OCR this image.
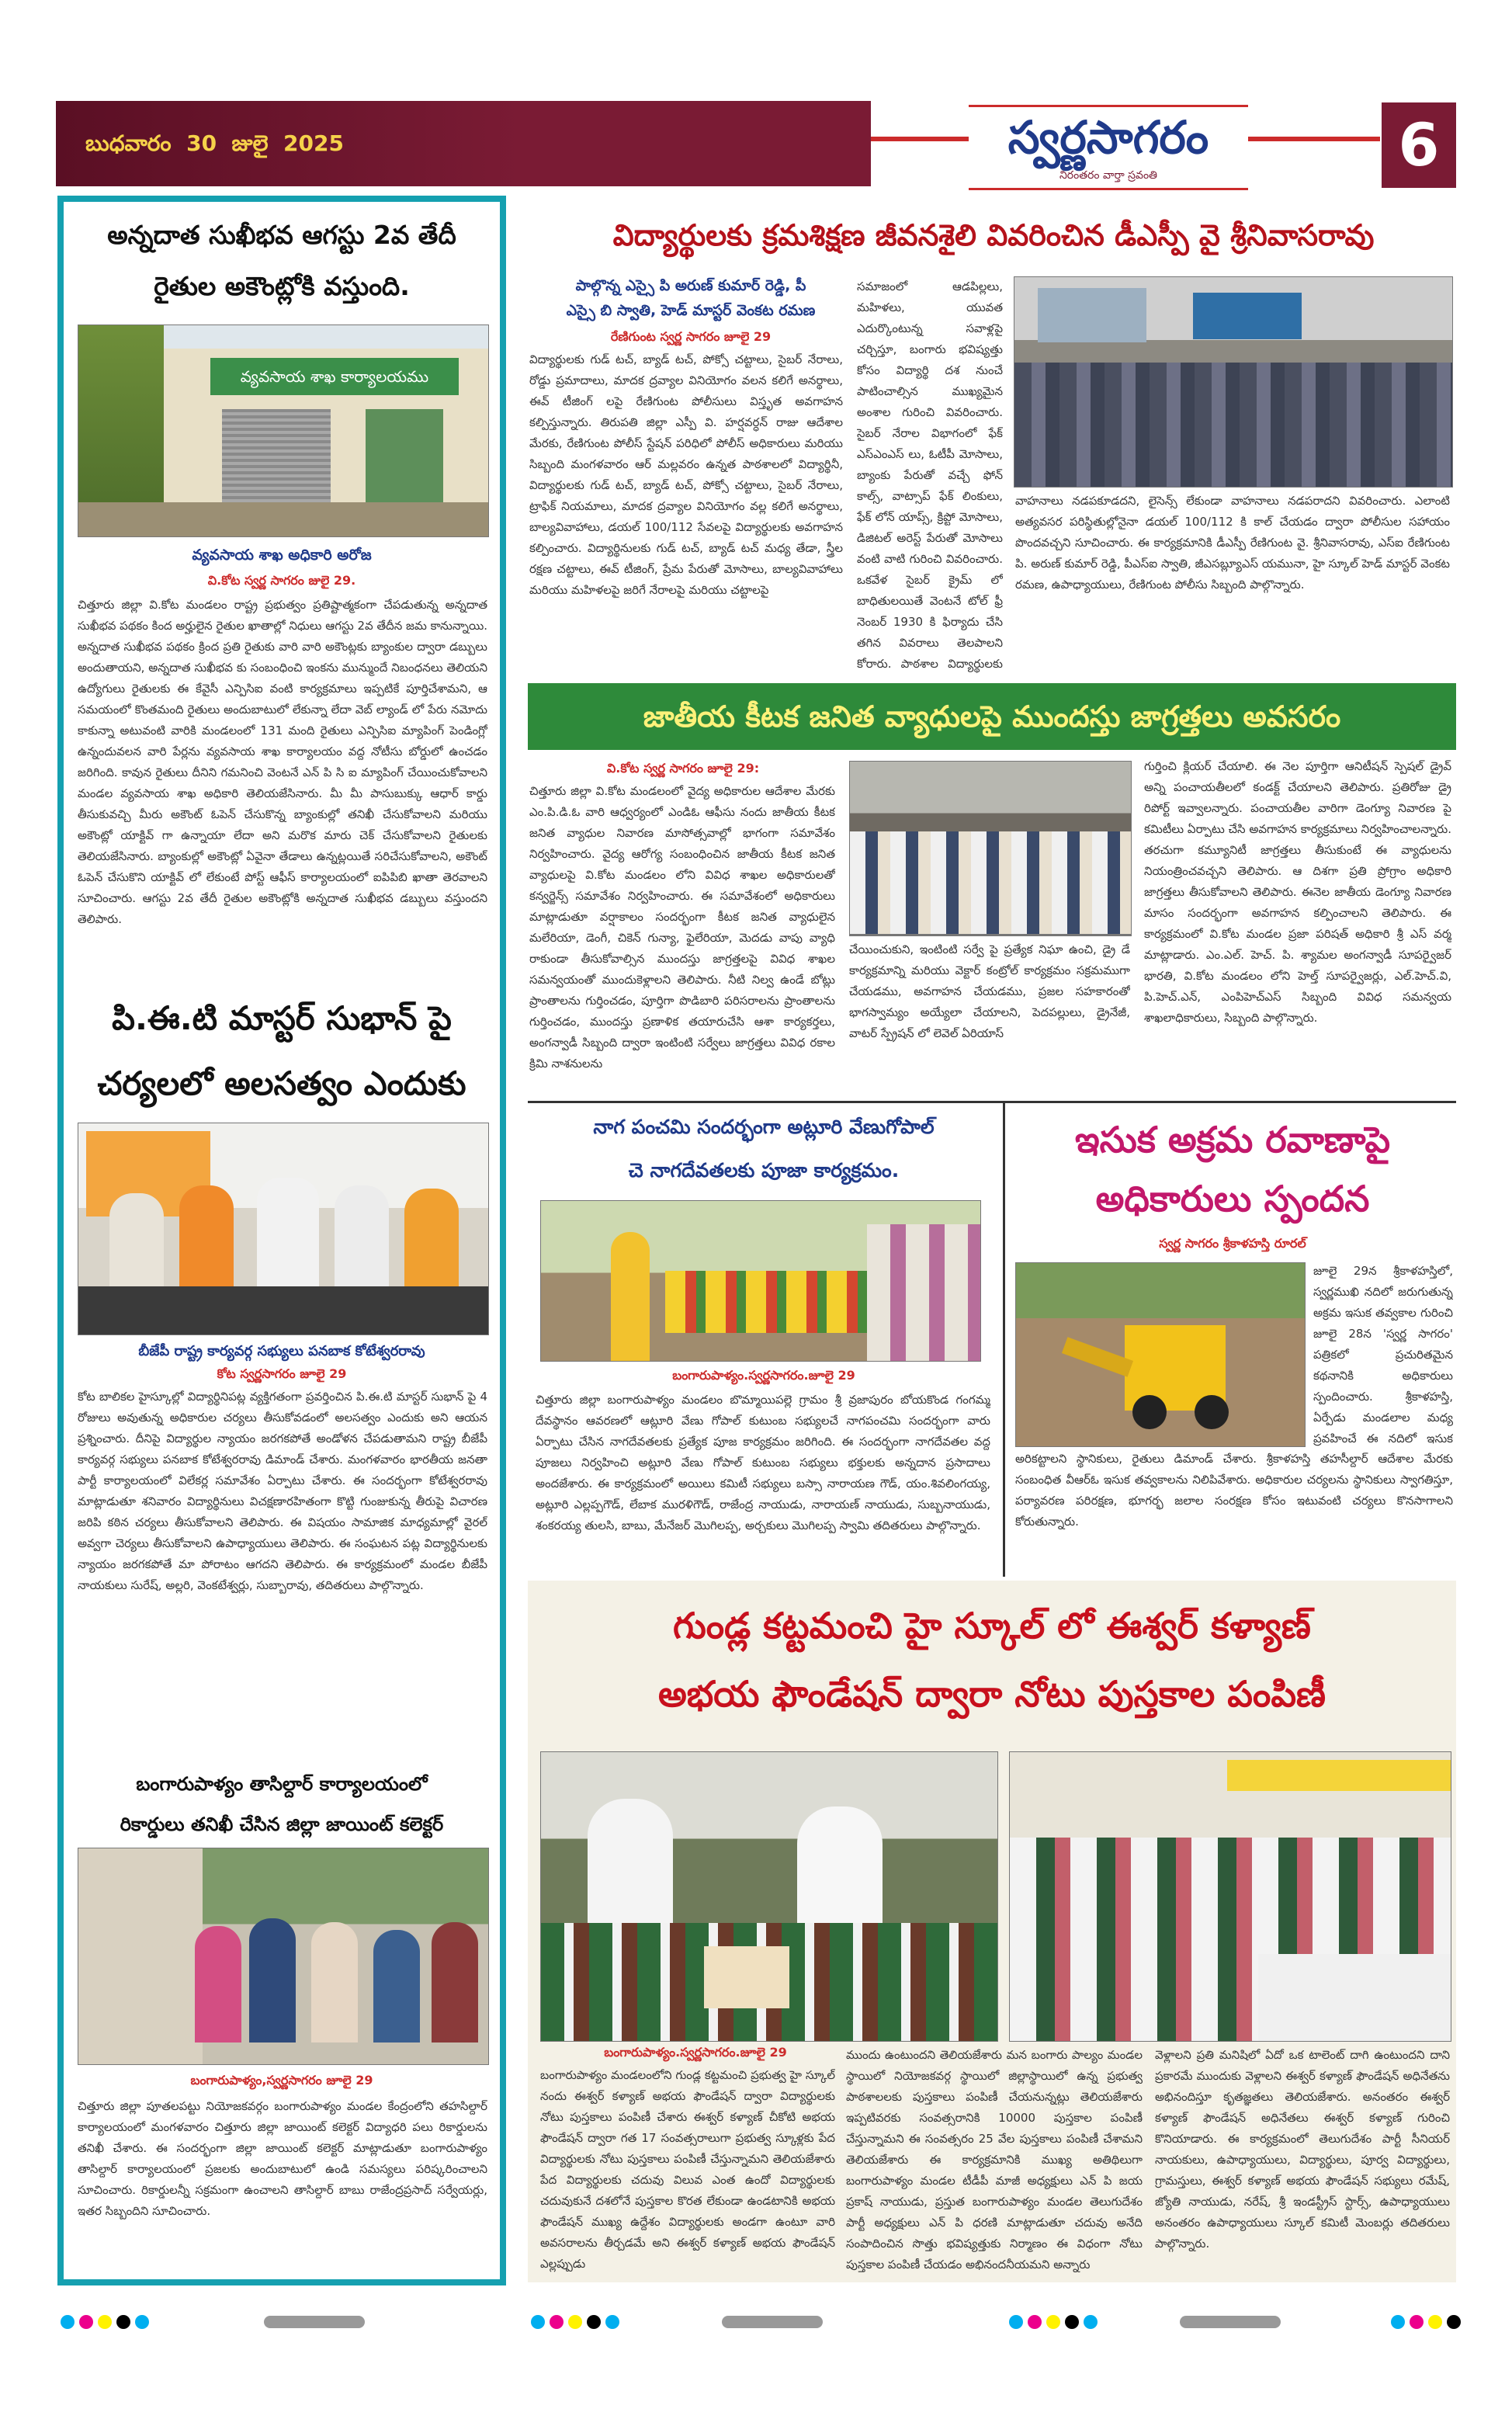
బుధవారం  30  జులై  2025	స్వర్ణసాగరం
నిరంతరం వార్తా స్రవంతి	6
అన్నదాత సుఖీభవ ఆగస్టు 2వ తేదీ
రైతుల అకౌంట్లోకి వస్తుంది.
వ్యవసాయ శాఖ కార్యాలయము
వ్యవసాయ శాఖ అధికారి అరోజ
వి.కోట స్వర్ణ సాగరం జులై 29.
చిత్తూరు జిల్లా వి.కోట మండలం రాష్ట్ర ప్రభుత్వం ప్రతిష్టాత్మకంగా చేపడుతున్న అన్నదాత సుఖీభవ పథకం కింద అర్హులైన రైతుల ఖాతాల్లో నిధులు ఆగస్టు 2వ తేదీన జమ కానున్నాయి. అన్నదాత సుఖీభవ పథకం క్రింద ప్రతి రైతుకు వారి వారి అకౌంట్లకు బ్యాంకుల ద్వారా డబ్బులు అందుతాయని, అన్నదాత సుఖీభవ కు సంబంధించి ఇంకను మున్ముందే నిబంధనలు తెలియని ఉద్యోగులు రైతులకు ఈ కేవైసీ ఎన్పిసిఐ వంటి కార్యక్రమాలు ఇప్పటికే పూర్తిచేశామని, ఆ సమయంలో కొంతమంది రైతులు అందుబాటులో లేకున్నా లేదా వెబ్ ల్యాండ్ లో పేరు నమోదు కాకున్నా అటువంటి వారికి మండలంలో 131 మంది రైతులు ఎన్పిసిఐ మ్యాపింగ్ పెండింగ్లో ఉన్నందువలన వారి పేర్లను వ్యవసాయ శాఖ కార్యాలయం వద్ద నోటీసు బోర్డులో ఉంచడం జరిగింది. కావున రైతులు దీనిని గమనించి వెంటనే ఎన్ పి సి ఐ మ్యాపింగ్ చేయించుకోవాలని మండల వ్యవసాయ శాఖ అధికారి తెలియజేసినారు. మీ మీ పాసుబుక్కు ఆధార్ కార్డు తీసుకువచ్చి మీరు అకౌంట్ ఓపెన్ చేసుకొన్న బ్యాంకుల్లో తనిఖీ చేసుకోవాలని మరియు అకౌంట్లో యాక్టివ్ గా ఉన్నాయా లేదా అని మరొక మారు చెక్ చేసుకోవాలని రైతులకు తెలియజేసినారు. బ్యాంకుల్లో అకౌంట్లో ఏవైనా తేడాలు ఉన్నట్లయితే సరిచేసుకోవాలని, అకౌంట్ ఓపెన్ చేసుకొని యాక్టివ్ లో లేకుంటే పోస్ట్ ఆఫీస్ కార్యాలయంలో ఐపిపిబి ఖాతా తెరవాలని సూచించారు. ఆగస్టు 2వ తేదీ రైతుల అకౌంట్లోకి అన్నదాత సుఖీభవ డబ్బులు వస్తుందని తెలిపారు.
పి.ఈ.టి మాస్టర్ సుభాన్ పై
చర్యలలో అలసత్వం ఎందుకు
బీజేపీ రాష్ట్ర కార్యవర్గ సభ్యులు పనబాక కోటేశ్వరరావు
కోట స్వర్ణసాగరం జూలై 29
కోట బాలికల హైస్కూల్లో విద్యార్థినిపట్ల వ్యక్తిగతంగా ప్రవర్తించిన పి.ఈ.టి మాస్టర్ సుభాన్ పై 4 రోజులు అవుతున్న అధికారుల చర్యలు తీసుకోవడంలో అలసత్వం ఎందుకు అని ఆయన ప్రశ్నించారు. దీనిపై విద్యార్థుల న్యాయం జరగకపోతే అండోళన చేపడుతామని రాష్ట్ర బీజేపీ కార్యవర్గ సభ్యులు పనబాక కోటేశ్వరరావు డిమాండ్ చేశారు. మంగళవారం భారతీయ జనతా పార్టీ కార్యాలయంలో విలేకర్ల సమావేశం ఏర్పాటు చేశారు. ఈ సందర్భంగా కోటేశ్వరరావు మాట్లాడుతూ శనివారం విద్యార్థినులు విచక్షణారహితంగా కొట్టి గుంజుకున్న తీరుపై విచారణ జరిపి కఠిన చర్యలు తీసుకోవాలని తెలిపారు. ఈ విషయం సామాజిక మాధ్యమాల్లో వైరల్ అవ్వగా చెర్యలు తీసుకోవాలని ఉపాధ్యాయులు తెలిపారు. ఈ సంఘటన పట్ల విద్యార్థినులకు న్యాయం జరగకపోతే మా పోరాటం ఆగదని తెలిపారు. ఈ కార్యక్రమంలో మండల బీజేపీ నాయకులు సురేష్, అల్లరి, వెంకటేశ్వర్లు, సుబ్బారావు, తదితరులు పాల్గొన్నారు.
బంగారుపాళ్యం తాసిల్దార్ కార్యాలయంలో
రికార్డులు తనిఖీ చేసిన జిల్లా జాయింట్ కలెక్టర్
బంగారుపాళ్యం,స్వర్ణసాగరం జూలై 29
చిత్తూరు జిల్లా పూతలపట్టు నియోజకవర్గం బంగారుపాళ్యం మండల కేంద్రంలోని తహసిల్దార్ కార్యాలయంలో మంగళవారం చిత్తూరు జిల్లా జాయింట్ కలెక్టర్ విద్యాధరి పలు రికార్డులను తనిఖీ చేశారు. ఈ సందర్భంగా జిల్లా జాయింట్ కలెక్టర్ మాట్లాడుతూ బంగారుపాళ్యం తాసిల్దార్ కార్యాలయంలో ప్రజలకు అందుబాటులో ఉండి సమస్యలు పరిష్కరించాలని సూచించారు. రికార్డులన్నీ సక్రమంగా ఉంచాలని తాసిల్దార్ బాబు రాజేంద్రప్రసాద్ సర్వేయర్లు, ఇతర సిబ్బందిని సూచించారు.
విద్యార్థులకు క్రమశిక్షణ జీవనశైలి వివరించిన డీఎస్పీ వై శ్రీనివాసరావు
పాల్గొన్న ఎస్సై పి అరుణ్ కుమార్ రెడ్డి, పీ
ఎస్సై బి స్వాతి, హెడ్ మాస్టర్ వెంకట రమణ
రేణిగుంట స్వర్ణ సాగరం జూలై 29
విద్యార్థులకు గుడ్ టచ్, బ్యాడ్ టచ్, పోక్సో చట్టాలు, సైబర్ నేరాలు, రోడ్డు ప్రమాదాలు, మాదక ద్రవ్యాల వినియోగం వలన కలిగే అనర్థాలు, ఈవ్ టీజింగ్ లపై రేణిగుంట పోలీసులు విస్తృత అవగాహన కల్పిస్తున్నారు. తిరుపతి జిల్లా ఎస్పీ వి. హర్షవర్ధన్ రాజు ఆదేశాల మేరకు, రేణిగుంట పోలీస్ స్టేషన్ పరిధిలో పోలీస్ అధికారులు మరియు సిబ్బంది మంగళవారం ఆర్ మల్లవరం ఉన్నత పాఠశాలలో విద్యార్థినీ, విద్యార్థులకు గుడ్ టచ్, బ్యాడ్ టచ్, పోక్సో చట్టాలు, సైబర్ నేరాలు, ట్రాఫిక్ నియమాలు, మాదక ద్రవ్యాల వినియోగం వల్ల కలిగే అనర్థాలు, బాల్యవివాహాలు, డయల్ 100/112 సేవలపై విద్యార్థులకు అవగాహన కల్పించారు. విద్యార్థినులకు గుడ్ టచ్, బ్యాడ్ టచ్ మధ్య తేడా, స్త్రీల రక్షణ చట్టాలు, ఈవ్ టీజింగ్, ప్రేమ పేరుతో మోసాలు, బాల్యవివాహాలు మరియు మహిళలపై జరిగే నేరాలపై మరియు చట్టాలపై
సమాజంలో ఆడపిల్లలు, మహిళలు, యువత ఎదుర్కొంటున్న సవాళ్లపై చర్చిస్తూ, బంగారు భవిష్యత్తు కోసం విద్యార్థి దశ నుంచే పాటించాల్సిన ముఖ్యమైన అంశాల గురించి వివరించారు. సైబర్ నేరాల విభాగంలో ఫేక్ ఎస్ఎంఎస్ లు, ఓటీపీ మోసాలు, బ్యాంకు పేరుతో వచ్చే ఫోన్ కాల్స్, వాట్సాప్ ఫేక్ లింకులు, ఫేక్ లోన్ యాప్స్, క్రిప్టో మోసాలు, డిజిటల్ అరెస్ట్ పేరుతో మోసాలు వంటి వాటి గురించి వివరించారు. ఒకవేళ సైబర్ క్రైమ్ లో బాధితులయితే వెంటనే టోల్ ఫ్రీ నెంబర్ 1930 కి ఫిర్యాదు చేసి తగిన వివరాలు తెలపాలని కోరారు. పాఠశాల విద్యార్థులకు
వాహనాలు నడపకూడదని, లైసెన్స్ లేకుండా వాహనాలు నడపరాదని వివరించారు. ఎలాంటి అత్యవసర పరిస్థితుల్లోనైనా డయల్ 100/112 కి కాల్ చేయడం ద్వారా పోలీసుల సహాయం పొందవచ్చని సూచించారు. ఈ కార్యక్రమానికి డీఎస్పీ రేణిగుంట వై. శ్రీనివాసరావు, ఎస్ఐ రేణిగుంట పి. అరుణ్ కుమార్ రెడ్డి, పీఎస్ఐ స్వాతి, జీఎసబ్ల్యూఎస్ యమునా, హై స్కూల్ హెడ్ మాస్టర్ వెంకట రమణ, ఉపాధ్యాయులు, రేణిగుంట పోలీసు సిబ్బంది పాల్గొన్నారు.
జాతీయ కీటక జనిత వ్యాధులపై ముందస్తు జాగ్రత్తలు అవసరం
వి.కోట స్వర్ణ సాగరం జూలై 29:
చిత్తూరు జిల్లా వి.కోట మండలంలో వైద్య అధికారుల ఆదేశాల మేరకు ఎం.పి.డి.ఓ వారి ఆధ్వర్యంలో ఎండిఓ ఆఫీసు నందు జాతీయ కీటక జనిత వ్యాధుల నివారణ మాసోత్సవాల్లో భాగంగా సమావేశం నిర్వహించారు. వైద్య ఆరోగ్య సంబంధించిన జాతీయ కీటక జనిత వ్యాధులపై వి.కోట మండలం లోని వివిధ శాఖల అధికారులతో కన్వర్జెన్స్ సమావేశం నిర్వహించారు. ఈ సమావేశంలో అధికారులు మాట్లాడుతూ వర్షాకాలం సందర్భంగా కీటక జనిత వ్యాధులైన మలేరియా, డెంగీ, చికెన్ గున్యా, ఫైలేరియా, మెదడు వాపు వ్యాధి రాకుండా తీసుకోవాల్సిన ముందస్తు జాగ్రత్తలపై వివిధ శాఖల సమన్వయంతో ముందుకెళ్లాలని తెలిపారు. నీటి నిల్వ ఉండే బోట్లు ప్రాంతాలను గుర్తించడం, పూర్తిగా పొడిబారి పరిసరాలను ప్రాంతాలను గుర్తించడం, ముందస్తు ప్రణాళిక తయారుచేసి ఆశా కార్యకర్తలు, అంగన్వాడీ సిబ్బంది ద్వారా ఇంటింటి సర్వేలు జాగ్రత్తలు వివిధ రకాల క్రిమి నాశనులను
చేయించుకుని, ఇంటింటి సర్వే పై ప్రత్యేక నిఘా ఉంచి, డ్రై డే కార్యక్రమాన్ని మరియు వెక్టార్ కంట్రోల్ కార్యక్రమం సక్రమముగా చేయడము, అవగాహన చేయడము, ప్రజల సహకారంతో భాగస్వామ్యం అయ్యేలా చేయాలని, పెదపల్లులు, డ్రైనేజీ, వాటర్ స్ప్రేషన్ లో లెవెల్ ఏరియాస్
గుర్తించి క్లియర్ చేయాలి. ఈ నెల పూర్తిగా ఆనిటీషన్ స్పెషల్ డ్రైవ్ అన్ని పంచాయతీలలో కండక్ట్ చేయాలని తెలిపారు. ప్రతిరోజు డ్రై రిపోర్ట్ ఇవ్వాలన్నారు. పంచాయతీల వారిగా డెంగ్యూ నివారణ పై కమిటీలు ఏర్పాటు చేసి అవగాహన కార్యక్రమాలు నిర్వహించాలన్నారు. తరచుగా కమ్యూనిటీ జాగ్రత్తలు తీసుకుంటే ఈ వ్యాధులను నియంత్రించవచ్చని తెలిపారు. ఆ దిశగా ప్రతి ప్రోగ్రాం అధికారి జాగ్రత్తలు తీసుకోవాలని తెలిపారు. ఈనెల జాతీయ డెంగ్యూ నివారణ మాసం సందర్భంగా అవగాహన కల్పించాలని తెలిపారు. ఈ కార్యక్రమంలో వి.కోట మండల ప్రజా పరిషత్ అధికారి శ్రీ ఎస్ వర్మ మాట్లాడారు. ఎం.ఎల్. హెచ్. పి. శ్యామల అంగన్వాడీ సూపర్వైజర్ భారతి, వి.కోట మండలం లోని హెల్త్ సూపర్వైజర్లు, ఎల్.హెచ్.వి, పి.హెచ్.ఎన్, ఎంపిహెచ్ఎస్ సిబ్బంది వివిధ సమన్వయ శాఖలాధికారులు, సిబ్బంది పాల్గొన్నారు.
నాగ పంచమి సందర్భంగా అట్లూరి వేణుగోపాల్
చె నాగదేవతలకు పూజా కార్యక్రమం.
బంగారుపాళ్యం.స్వర్ణసాగరం.జూలై 29
చిత్తూరు జిల్లా బంగారుపాళ్యం మండలం బొమ్మాయిపల్లె గ్రామం శ్రీ వ్రజాపురం బోయకొండ గంగమ్మ దేవస్థానం ఆవరణలో ఆట్లూరి వేణు గోపాల్ కుటుంబ సభ్యులచే నాగపంచమి సందర్భంగా వారు ఏర్పాటు చేసిన నాగదేవతలకు ప్రత్యేక పూజ కార్యక్రమం జరిగింది. ఈ సందర్భంగా నాగదేవతల వద్ద పూజలు నిర్వహించి అట్లూరి వేణు గోపాల్ కుటుంబ సభ్యులు భక్తులకు అన్నదాన ప్రసాదాలు అందజేశారు. ఈ కార్యక్రమంలో అయిలు కమిటీ సభ్యులు బస్సా నారాయణ గౌడ్, యం.శివలింగయ్య, అట్లూరి ఎల్లప్పగౌడ్, లేబాక మురళిగౌడ్, రాజేంద్ర నాయుడు, నారాయణ్ నాయుడు, సుబ్బనాయుడు, శంకరయ్య తులసి, బాబు, మేనేజర్ మొగిలప్ప, అర్చకులు మొగిలప్ప స్వామి తదితరులు పాల్గొన్నారు.
ఇసుక అక్రమ రవాణాపై
అధికారులు స్పందన
స్వర్ణ సాగరం శ్రీకాళహస్తి రూరల్
జూలై 29న శ్రీకాళహస్తిలో, స్వర్ణముఖి నదిలో జరుగుతున్న అక్రమ ఇసుక తవ్వకాల గురించి జూలై 28న 'స్వర్ణ సాగరం' పత్రికలో ప్రచురితమైన కథనానికి అధికారులు స్పందించారు. శ్రీకాళహస్తి, ఏర్పేడు మండలాల మధ్య ప్రవహించే ఈ నదిలో ఇసుక
అరికట్టాలని స్థానికులు, రైతులు డిమాండ్ చేశారు. శ్రీకాళహస్తి తహసీల్దార్ ఆదేశాల మేరకు సంబంధిత వీఆర్ఓ ఇసుక తవ్వకాలను నిలిపివేశారు. అధికారుల చర్యలను స్థానికులు స్వాగతిస్తూ, పర్యావరణ పరిరక్షణ, భూగర్భ జలాల సంరక్షణ కోసం ఇటువంటి చర్యలు కొనసాగాలని కోరుతున్నారు.
గుండ్ల కట్టమంచి హై స్కూల్ లో ఈశ్వర్ కళ్యాణ్
అభయ ఫౌండేషన్ ద్వారా నోటు పుస్తకాల పంపిణీ
బంగారుపాళ్యం.స్వర్ణసాగరం.జూలై 29
బంగారుపాళ్యం మండలంలోని గుండ్ల కట్టమంచి ప్రభుత్వ హై స్కూల్ నందు ఈశ్వర్ కళ్యాణ్ అభయ ఫౌండేషన్ ద్వారా విద్యార్థులకు నోటు పుస్తకాలు పంపిణీ చేశారు ఈశ్వర్ కళ్యాణ్ చీకోటి అభయ ఫౌండేషన్ ద్వారా గత 17 సంవత్సరాలుగా ప్రభుత్వ స్కూళ్లకు పేద విద్యార్థులకు నోటు పుస్తకాలు పంపిణీ చేస్తున్నామని తెలియజేశారు పేద విద్యార్థులకు చదువు విలువ ఎంత ఉందో విద్యార్థులకు చదువుకునే దశలోనే పుస్తకాల కొరత లేకుండా ఉండటానికి అభయ ఫౌండేషన్ ముఖ్య ఉద్దేశం విద్యార్థులకు అండగా ఉంటూ వారి అవసరాలను తీర్చడమే అని ఈశ్వర్ కళ్యాణ్ అభయ ఫౌండేషన్ ఎల్లప్పుడు
ముందు ఉంటుందని తెలియజేశారు మన బంగారు పాల్యం మండల స్థాయిలో నియోజకవర్గ స్థాయిలో జిల్లాస్థాయిలో ఉన్న ప్రభుత్వ పాఠశాలలకు పుస్తకాలు పంపిణీ చేయనున్నట్లు తెలియజేశారు ఇప్పటివరకు సంవత్సరానికి 10000 పుస్తకాల పంపిణీ చేస్తున్నామని ఈ సంవత్సరం 25 వేల పుస్తకాలు పంపిణీ చేశామని తెలియజేశారు ఈ కార్యక్రమానికి ముఖ్య అతిథిలుగా బంగారుపాళ్యం మండల టీడీపీ మాజీ అధ్యక్షులు ఎన్ పి జయ ప్రకాష్ నాయుడు, ప్రస్తుత బంగారుపాళ్యం మండల తెలుగుదేశం పార్టీ అధ్యక్షులు ఎన్ పి ధరణి మాట్లాడుతూ చదువు అనేది సంపాదించిన సొత్తు భవిష్యత్తుకు నిర్మాణం ఈ విధంగా నోటు పుస్తకాల పంపిణీ చేయడం అభినందనీయమని అన్నారు
వెళ్లాలని ప్రతి మనిషిలో ఏదో ఒక టాలెంట్ దాగి ఉంటుందని దాని ప్రకారమే ముందుకు వెళ్లాలని ఈశ్వర్ కళ్యాణ్ ఫౌండేషన్ అధినేతను అభినందిస్తూ కృతజ్ఞతలు తెలియజేశారు. అనంతరం ఈశ్వర్ కళ్యాణ్ ఫౌండేషన్ అధినేతలు ఈశ్వర్ కళ్యాణ్ గురించి కొనియాడారు. ఈ కార్యక్రమంలో తెలుగుదేశం పార్టీ సీనియర్ నాయకులు, ఉపాధ్యాయులు, విద్యార్థులు, పూర్వ విద్యార్థులు, గ్రామస్తులు, ఈశ్వర్ కళ్యాణ్ అభయ ఫౌండేషన్ సభ్యులు రమేష్, జ్యోతి నాయుడు, నరేష్, శ్రీ ఇండస్ట్రీస్ స్టార్స్, ఉపాధ్యాయులు అనంతరం ఉపాధ్యాయులు స్కూల్ కమిటీ మెంబర్లు తదితరులు పాల్గొన్నారు.
